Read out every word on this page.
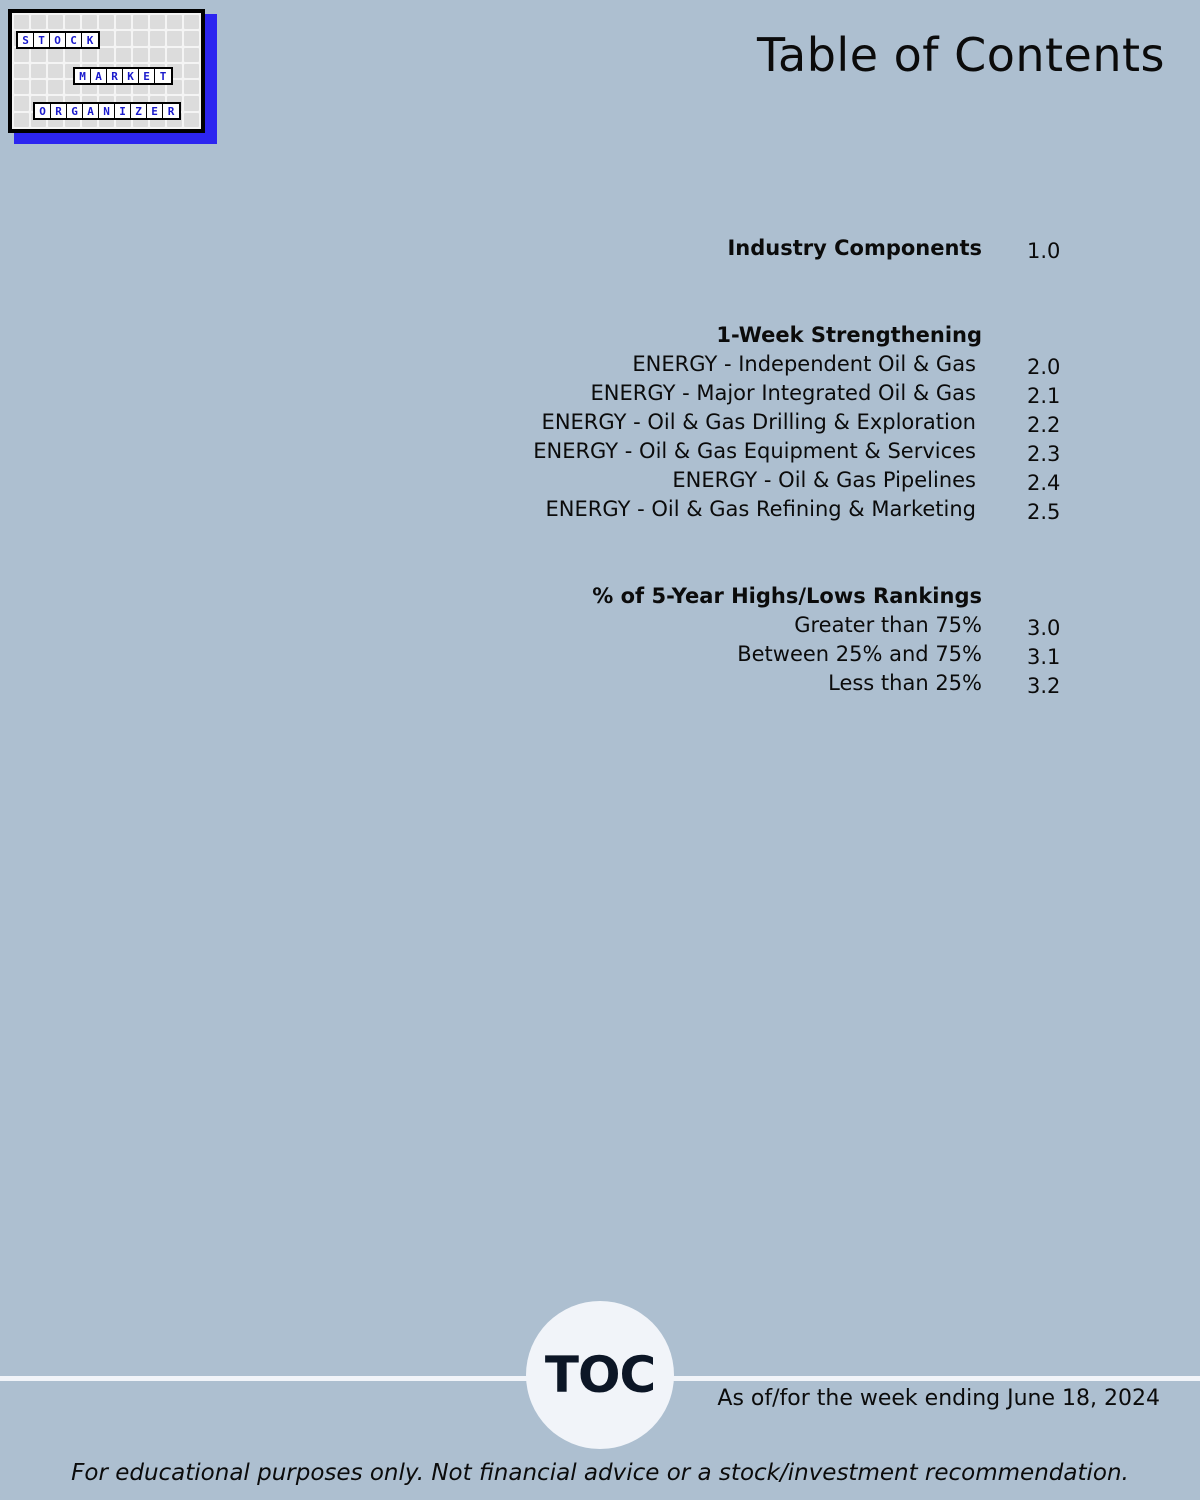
S T O C K
M A R K E T
O R G A N I Z E R
Table of Contents
Industry Components 1.0
1-Week Strengthening
ENERGY - Independent Oil & Gas 2.0
ENERGY - Major Integrated Oil & Gas 2.1
ENERGY - Oil & Gas Drilling & Exploration 2.2
ENERGY - Oil & Gas Equipment & Services 2.3
ENERGY - Oil & Gas Pipelines 2.4
ENERGY - Oil & Gas Refining & Marketing 2.5
% of 5-Year Highs/Lows Rankings
Greater than 75% 3.0
Between 25% and 75% 3.1
Less than 25% 3.2
TOC	As of/for the week ending June 18, 2024
For educational purposes only. Not financial advice or a stock/investment recommendation.
